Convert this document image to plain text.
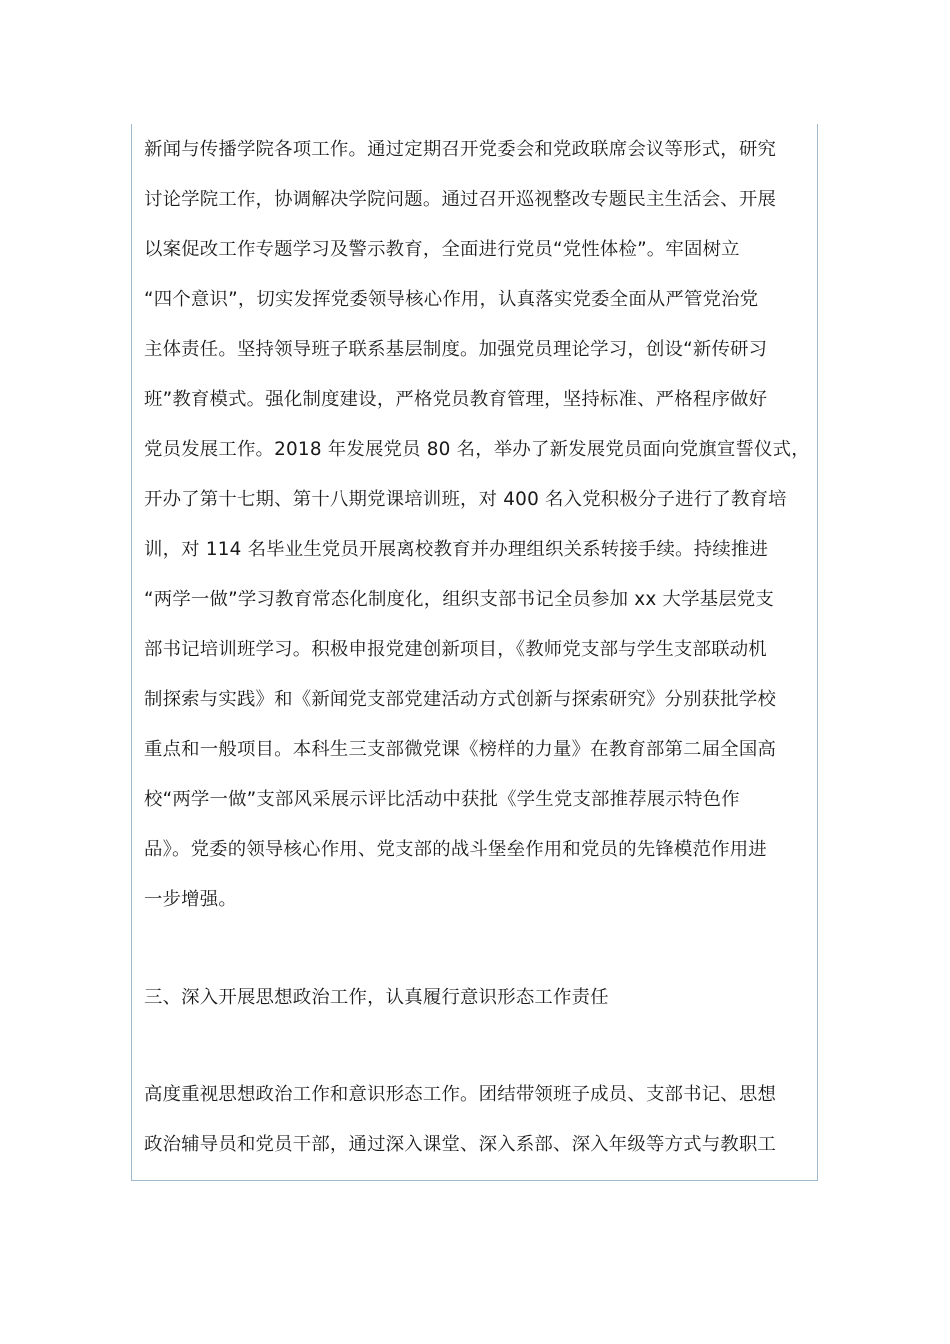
新闻与传播学院各项工作。通过定期召开党委会和党政联席会议等形式，研究
讨论学院工作，协调解决学院问题。通过召开巡视整改专题民主生活会、开展
以案促改工作专题学习及警示教育，全面进行党员“党性体检”。牢固树立
“四个意识”，切实发挥党委领导核心作用，认真落实党委全面从严管党治党
主体责任。坚持领导班子联系基层制度。加强党员理论学习，创设“新传研习
班”教育模式。强化制度建设，严格党员教育管理，坚持标准、严格程序做好
党员发展工作。2018 年发展党员 80 名，举办了新发展党员面向党旗宣誓仪式，
开办了第十七期、第十八期党课培训班，对 400 名入党积极分子进行了教育培
训，对 114 名毕业生党员开展离校教育并办理组织关系转接手续。持续推进
“两学一做”学习教育常态化制度化，组织支部书记全员参加 xx 大学基层党支
部书记培训班学习。积极申报党建创新项目，《教师党支部与学生支部联动机
制探索与实践》和《新闻党支部党建活动方式创新与探索研究》分别获批学校
重点和一般项目。本科生三支部微党课《榜样的力量》在教育部第二届全国高
校“两学一做”支部风采展示评比活动中获批《学生党支部推荐展示特色作
品》。党委的领导核心作用、党支部的战斗堡垒作用和党员的先锋模范作用进
一步增强。

三、深入开展思想政治工作，认真履行意识形态工作责任

高度重视思想政治工作和意识形态工作。团结带领班子成员、支部书记、思想
政治辅导员和党员干部，通过深入课堂、深入系部、深入年级等方式与教职工
